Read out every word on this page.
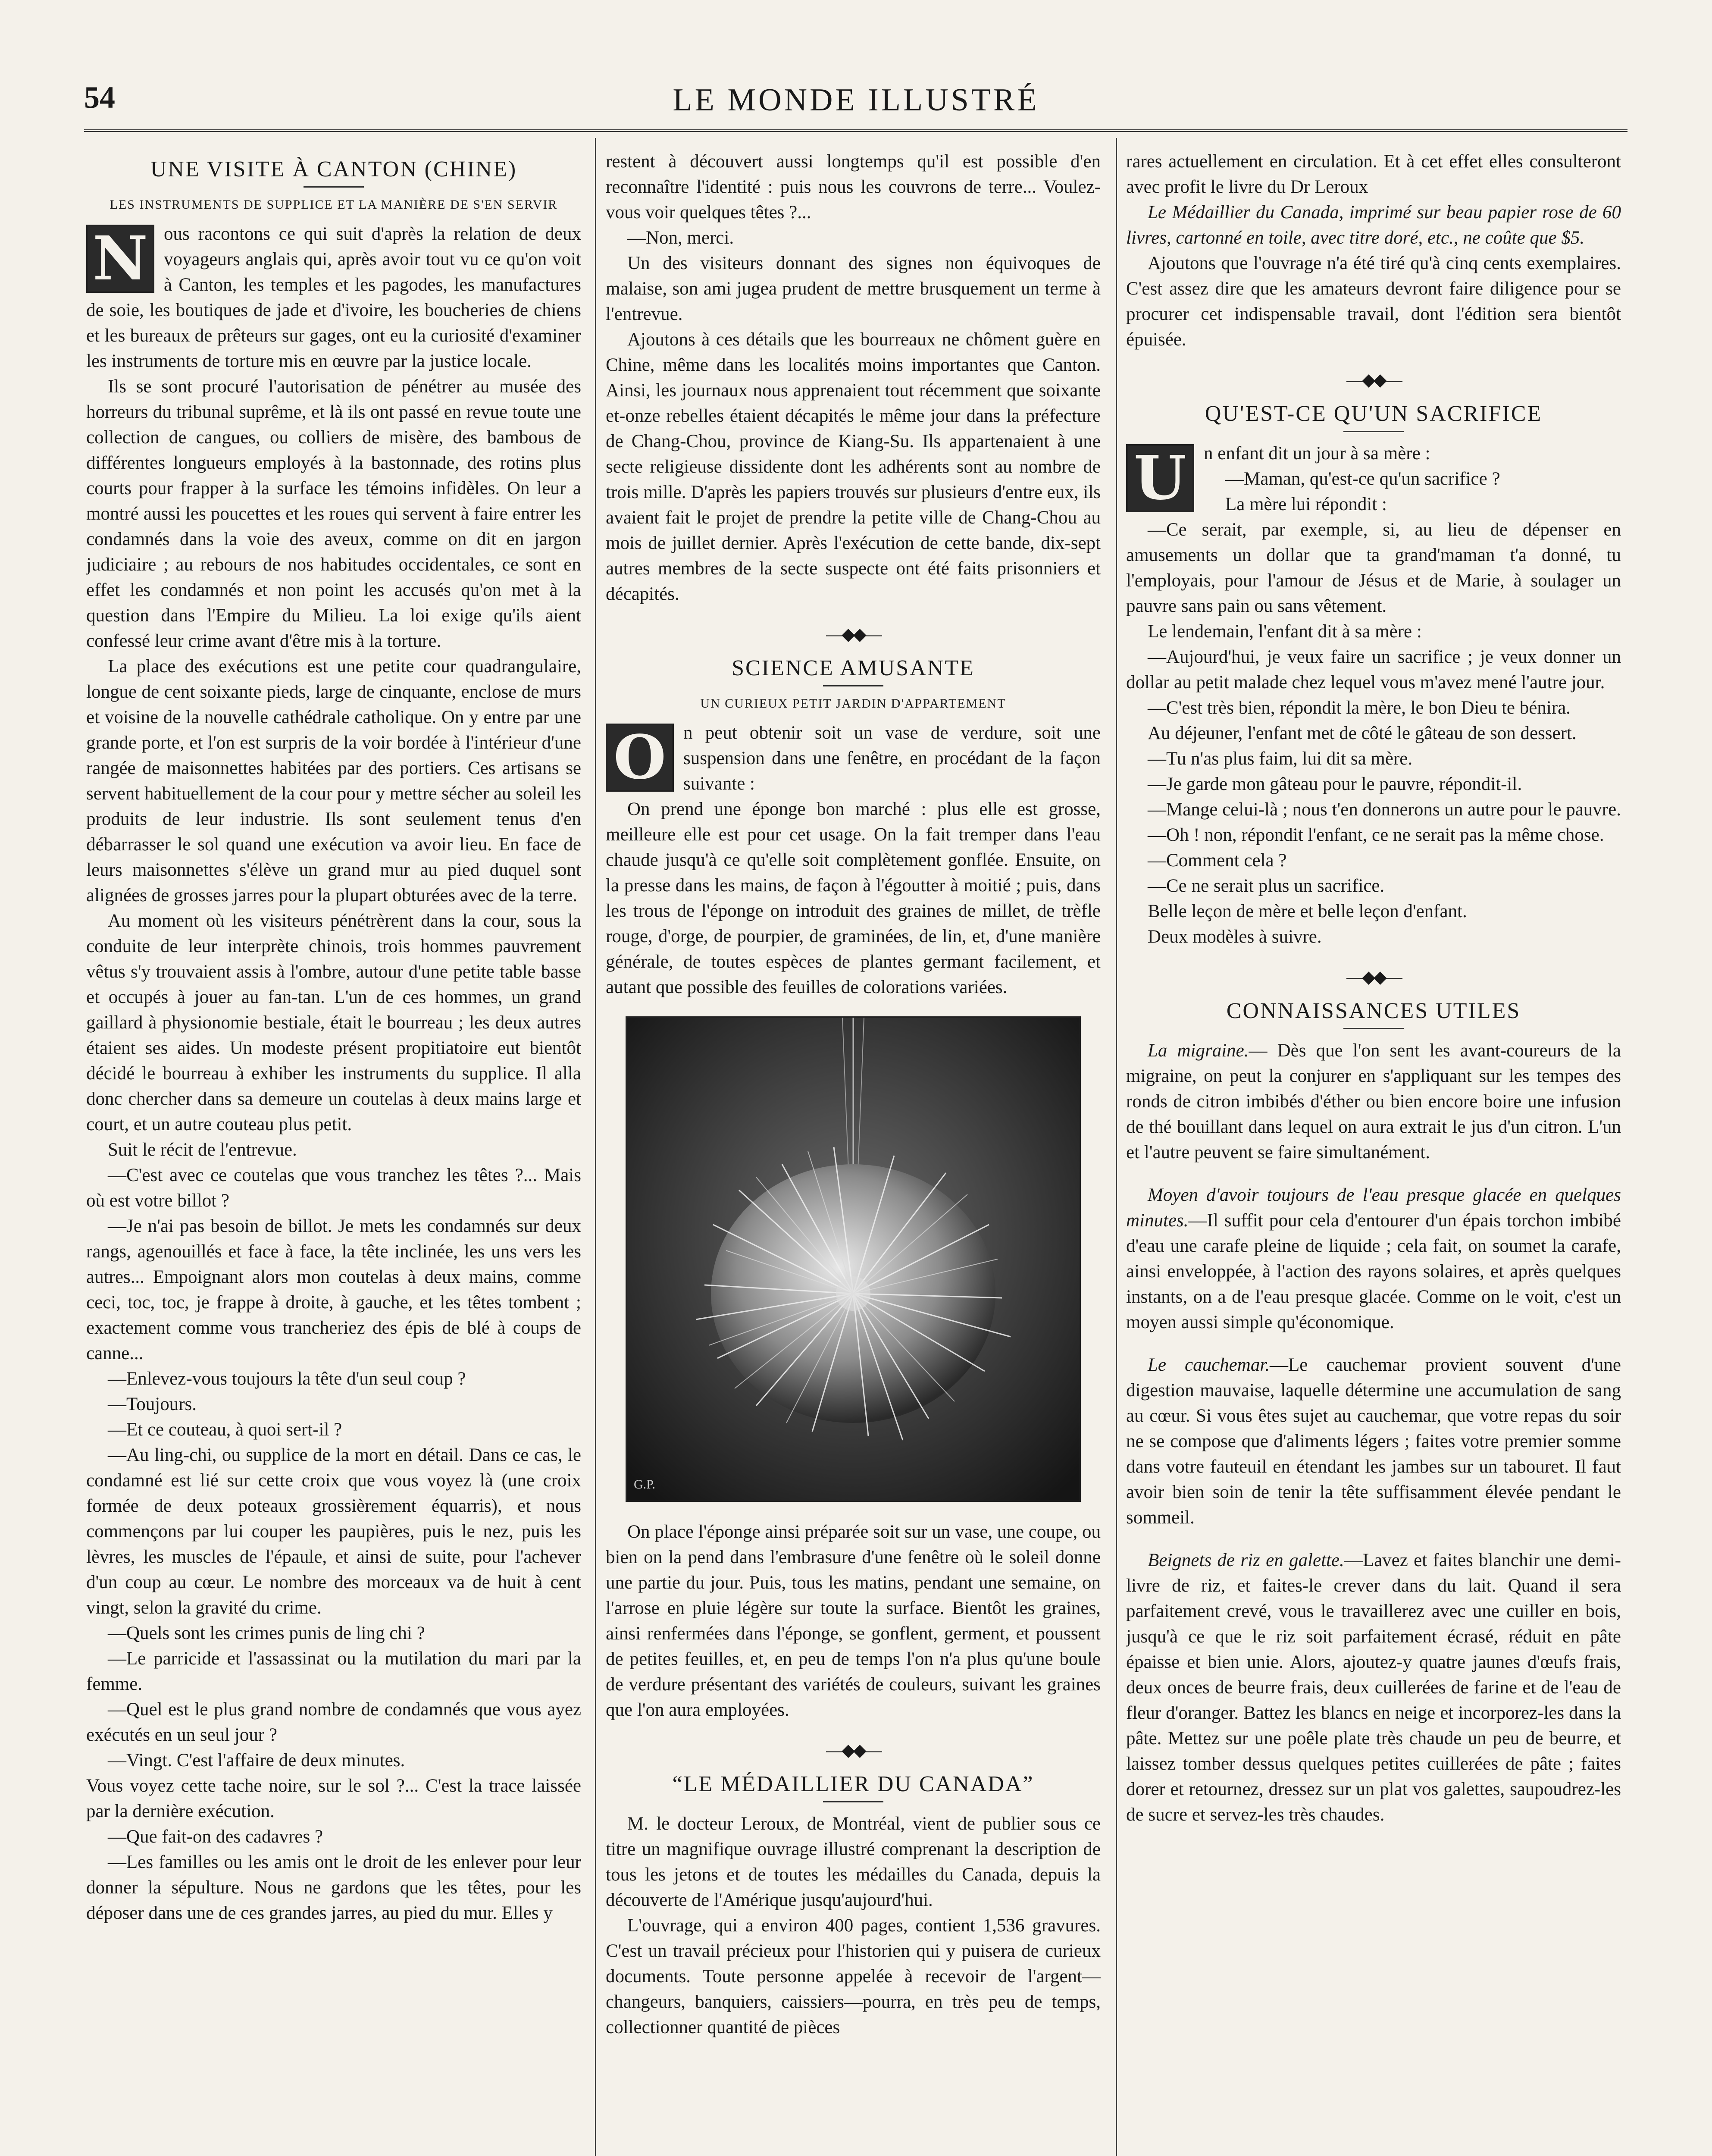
54	LE MONDE ILLUSTRÉ
UNE VISITE À CANTON (CHINE)
LES INSTRUMENTS DE SUPPLICE ET LA MANIÈRE DE S'EN SERVIR
N ous racontons ce qui suit d'après la relation de deux voyageurs anglais qui, après avoir tout vu ce qu'on voit à Canton, les temples et les pagodes, les manufactures de soie, les boutiques de jade et d'ivoire, les boucheries de chiens et les bureaux de prêteurs sur gages, ont eu la curiosité d'examiner les instruments de torture mis en œuvre par la justice locale.

Ils se sont procuré l'autorisation de pénétrer au musée des horreurs du tribunal suprême, et là ils ont passé en revue toute une collection de cangues, ou colliers de misère, des bambous de différentes longueurs employés à la bastonnade, des rotins plus courts pour frapper à la surface les témoins infidèles. On leur a montré aussi les poucettes et les roues qui servent à faire entrer les condamnés dans la voie des aveux, comme on dit en jargon judiciaire ; au rebours de nos habitudes occidentales, ce sont en effet les condamnés et non point les accusés qu'on met à la question dans l'Empire du Milieu. La loi exige qu'ils aient confessé leur crime avant d'être mis à la torture.

La place des exécutions est une petite cour quadrangulaire, longue de cent soixante pieds, large de cinquante, enclose de murs et voisine de la nouvelle cathédrale catholique. On y entre par une grande porte, et l'on est surpris de la voir bordée à l'intérieur d'une rangée de maisonnettes habitées par des portiers. Ces artisans se servent habituellement de la cour pour y mettre sécher au soleil les produits de leur industrie. Ils sont seulement tenus d'en débarrasser le sol quand une exécution va avoir lieu. En face de leurs maisonnettes s'élève un grand mur au pied duquel sont alignées de grosses jarres pour la plupart obturées avec de la terre.

Au moment où les visiteurs pénétrèrent dans la cour, sous la conduite de leur interprète chinois, trois hommes pauvrement vêtus s'y trouvaient assis à l'ombre, autour d'une petite table basse et occupés à jouer au fan-tan. L'un de ces hommes, un grand gaillard à physionomie bestiale, était le bourreau ; les deux autres étaient ses aides. Un modeste présent propitiatoire eut bientôt décidé le bourreau à exhiber les instruments du supplice. Il alla donc chercher dans sa demeure un coutelas à deux mains large et court, et un autre couteau plus petit.

Suit le récit de l'entrevue.

—C'est avec ce coutelas que vous tranchez les têtes ?... Mais où est votre billot ?

—Je n'ai pas besoin de billot. Je mets les condamnés sur deux rangs, agenouillés et face à face, la tête inclinée, les uns vers les autres... Empoignant alors mon coutelas à deux mains, comme ceci, toc, toc, je frappe à droite, à gauche, et les têtes tombent ; exactement comme vous trancheriez des épis de blé à coups de canne...

—Enlevez-vous toujours la tête d'un seul coup ?

—Toujours.

—Et ce couteau, à quoi sert-il ?

—Au ling-chi, ou supplice de la mort en détail. Dans ce cas, le condamné est lié sur cette croix que vous voyez là (une croix formée de deux poteaux grossièrement équarris), et nous commençons par lui couper les paupières, puis le nez, puis les lèvres, les muscles de l'épaule, et ainsi de suite, pour l'achever d'un coup au cœur. Le nombre des morceaux va de huit à cent vingt, selon la gravité du crime.

—Quels sont les crimes punis de ling chi ?

—Le parricide et l'assassinat ou la mutilation du mari par la femme.

—Quel est le plus grand nombre de condamnés que vous ayez exécutés en un seul jour ?

—Vingt. C'est l'affaire de deux minutes.

Vous voyez cette tache noire, sur le sol ?... C'est la trace laissée par la dernière exécution.

—Que fait-on des cadavres ?

—Les familles ou les amis ont le droit de les enlever pour leur donner la sépulture. Nous ne gardons que les têtes, pour les déposer dans une de ces grandes jarres, au pied du mur. Elles y

restent à découvert aussi longtemps qu'il est possible d'en reconnaître l'identité : puis nous les couvrons de terre... Voulez-vous voir quelques têtes ?...

—Non, merci.

Un des visiteurs donnant des signes non équivoques de malaise, son ami jugea prudent de mettre brusquement un terme à l'entrevue.

Ajoutons à ces détails que les bourreaux ne chôment guère en Chine, même dans les localités moins importantes que Canton. Ainsi, les journaux nous apprenaient tout récemment que soixante et-onze rebelles étaient décapités le même jour dans la préfecture de Chang-Chou, province de Kiang-Su. Ils appartenaient à une secte religieuse dissidente dont les adhérents sont au nombre de trois mille. D'après les papiers trouvés sur plusieurs d'entre eux, ils avaient fait le projet de prendre la petite ville de Chang-Chou au mois de juillet dernier. Après l'exécution de cette bande, dix-sept autres membres de la secte suspecte ont été faits prisonniers et décapités.

—◆◆—
SCIENCE AMUSANTE
UN CURIEUX PETIT JARDIN D'APPARTEMENT
O n peut obtenir soit un vase de verdure, soit une suspension dans une fenêtre, en procédant de la façon suivante :

On prend une éponge bon marché : plus elle est grosse, meilleure elle est pour cet usage. On la fait tremper dans l'eau chaude jusqu'à ce qu'elle soit complètement gonflée. Ensuite, on la presse dans les mains, de façon à l'égoutter à moitié ; puis, dans les trous de l'éponge on introduit des graines de millet, de trèfle rouge, d'orge, de pourpier, de graminées, de lin, et, d'une manière générale, de toutes espèces de plantes germant facilement, et autant que possible des feuilles de colorations variées.

G.P.

On place l'éponge ainsi préparée soit sur un vase, une coupe, ou bien on la pend dans l'embrasure d'une fenêtre où le soleil donne une partie du jour. Puis, tous les matins, pendant une semaine, on l'arrose en pluie légère sur toute la surface. Bientôt les graines, ainsi renfermées dans l'éponge, se gonflent, germent, et poussent de petites feuilles, et, en peu de temps l'on n'a plus qu'une boule de verdure présentant des variétés de couleurs, suivant les graines que l'on aura employées.

—◆◆—
“LE MÉDAILLIER DU CANADA”

M. le docteur Leroux, de Montréal, vient de publier sous ce titre un magnifique ouvrage illustré comprenant la description de tous les jetons et de toutes les médailles du Canada, depuis la découverte de l'Amérique jusqu'aujourd'hui.

L'ouvrage, qui a environ 400 pages, contient 1,536 gravures. C'est un travail précieux pour l'historien qui y puisera de curieux documents. Toute personne appelée à recevoir de l'argent—changeurs, banquiers, caissiers—pourra, en très peu de temps, collectionner quantité de pièces

rares actuellement en circulation. Et à cet effet elles consulteront avec profit le livre du Dr Leroux

Le Médaillier du Canada, imprimé sur beau papier rose de 60 livres, cartonné en toile, avec titre doré, etc., ne coûte que $5.

Ajoutons que l'ouvrage n'a été tiré qu'à cinq cents exemplaires. C'est assez dire que les amateurs devront faire diligence pour se procurer cet indispensable travail, dont l'édition sera bientôt épuisée.

—◆◆—
QU'EST-CE QU'UN SACRIFICE
U n enfant dit un jour à sa mère :

—Maman, qu'est-ce qu'un sacrifice ?

La mère lui répondit :

—Ce serait, par exemple, si, au lieu de dépenser en amusements un dollar que ta grand'maman t'a donné, tu l'employais, pour l'amour de Jésus et de Marie, à soulager un pauvre sans pain ou sans vêtement.

Le lendemain, l'enfant dit à sa mère :

—Aujourd'hui, je veux faire un sacrifice ; je veux donner un dollar au petit malade chez lequel vous m'avez mené l'autre jour.

—C'est très bien, répondit la mère, le bon Dieu te bénira.

Au déjeuner, l'enfant met de côté le gâteau de son dessert.

—Tu n'as plus faim, lui dit sa mère.

—Je garde mon gâteau pour le pauvre, répondit-il.

—Mange celui-là ; nous t'en donnerons un autre pour le pauvre.

—Oh ! non, répondit l'enfant, ce ne serait pas la même chose.

—Comment cela ?

—Ce ne serait plus un sacrifice.

Belle leçon de mère et belle leçon d'enfant.

Deux modèles à suivre.

—◆◆—
CONNAISSANCES UTILES

La migraine.— Dès que l'on sent les avant-coureurs de la migraine, on peut la conjurer en s'appliquant sur les tempes des ronds de citron imbibés d'éther ou bien encore boire une infusion de thé bouillant dans lequel on aura extrait le jus d'un citron. L'un et l'autre peuvent se faire simultanément.

Moyen d'avoir toujours de l'eau presque glacée en quelques minutes.—Il suffit pour cela d'entourer d'un épais torchon imbibé d'eau une carafe pleine de liquide ; cela fait, on soumet la carafe, ainsi enveloppée, à l'action des rayons solaires, et après quelques instants, on a de l'eau presque glacée. Comme on le voit, c'est un moyen aussi simple qu'économique.

Le cauchemar.—Le cauchemar provient souvent d'une digestion mauvaise, laquelle détermine une accumulation de sang au cœur. Si vous êtes sujet au cauchemar, que votre repas du soir ne se compose que d'aliments légers ; faites votre premier somme dans votre fauteuil en étendant les jambes sur un tabouret. Il faut avoir bien soin de tenir la tête suffisamment élevée pendant le sommeil.

Beignets de riz en galette.—Lavez et faites blanchir une demi-livre de riz, et faites-le crever dans du lait. Quand il sera parfaitement crevé, vous le travaillerez avec une cuiller en bois, jusqu'à ce que le riz soit parfaitement écrasé, réduit en pâte épaisse et bien unie. Alors, ajoutez-y quatre jaunes d'œufs frais, deux onces de beurre frais, deux cuillerées de farine et de l'eau de fleur d'oranger. Battez les blancs en neige et incorporez-les dans la pâte. Mettez sur une poêle plate très chaude un peu de beurre, et laissez tomber dessus quelques petites cuillerées de pâte ; faites dorer et retournez, dressez sur un plat vos galettes, saupoudrez-les de sucre et servez-les très chaudes.
